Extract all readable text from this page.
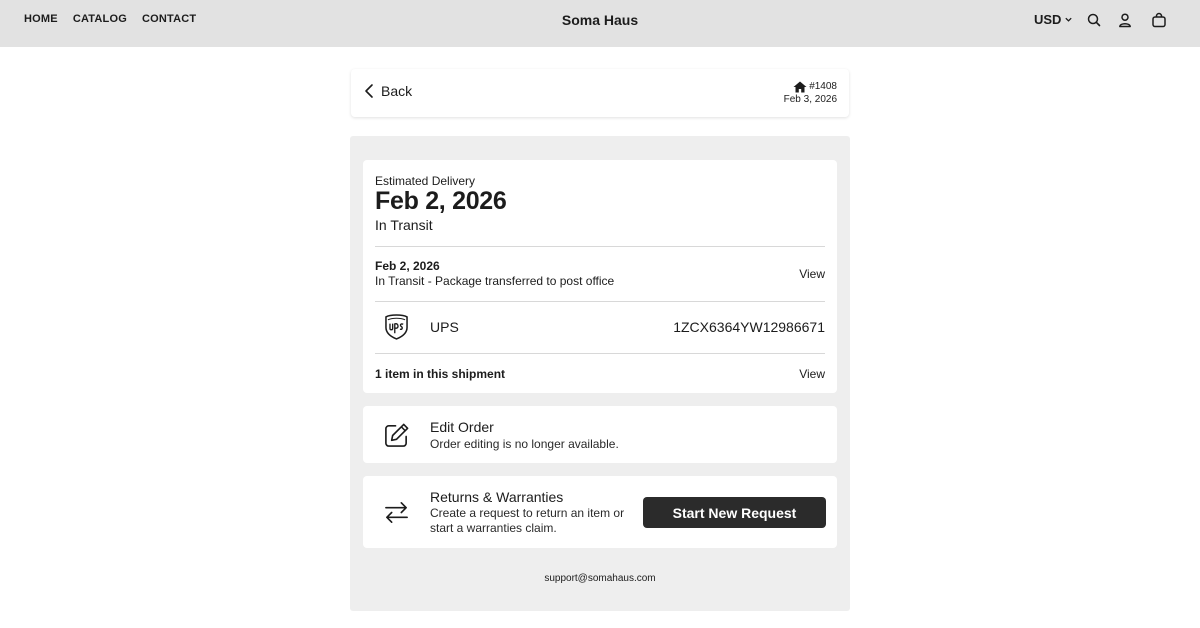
HOME CATALOG CONTACT	Soma Haus	USD
Back	#1408
Feb 3, 2026
Estimated Delivery
Feb 2, 2026
In Transit
Feb 2, 2026
In Transit - Package transferred to post office	View
UPS	1ZCX6364YW12986671
1 item in this shipment	View
Edit Order
Order editing is no longer available.
Returns & Warranties
Create a request to return an item or start a warranties claim.
Start New Request
support@somahaus.com
